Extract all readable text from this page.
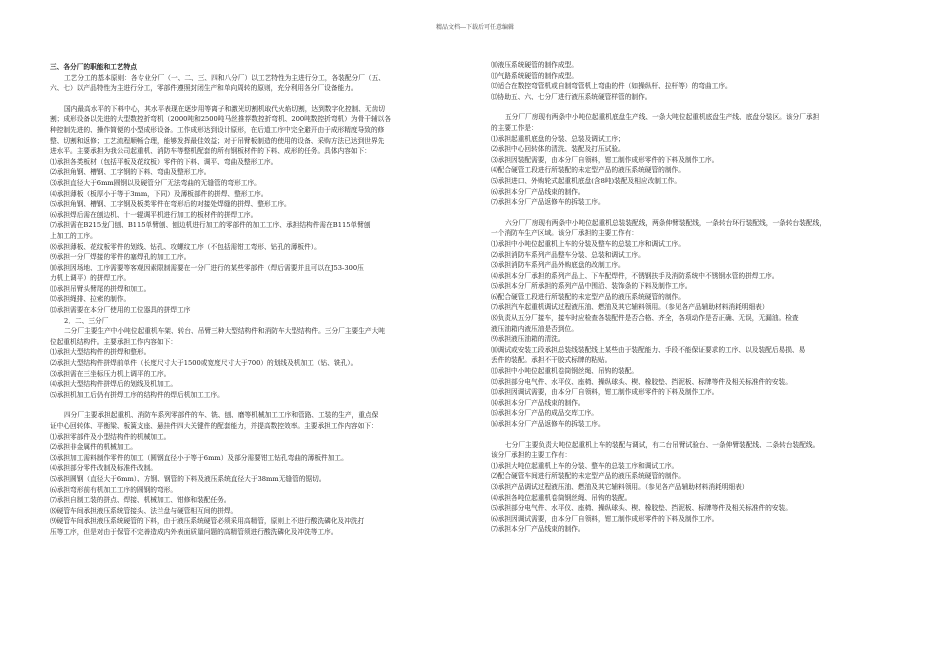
精品文档---下载后可任意编辑

三、各分厂的职能和工艺特点

工艺分工的基本原则：各专业分厂（一、二、三、四和八分厂）以工艺特性为主进行分工，各装配分厂（五、

六、七）以产品特性为主进行分工，零部件遵照封闭生产和单向周转的原则，充分利用各分厂设备能力。

国内最高水平的下料中心，其水平表现在逐步用等离子和激光切割机取代火焰切割，达到数字化控制、无齿切

割；成形设备以先进的大型数控折弯机（2000吨和2500吨马丝推荐数控折弯机、200吨数控折弯机）为骨干辅以各

种控制先进的、操作简便的小型成形设备。工作成形达到设计原形，在后道工序中完全避开由于成形精度导致的修

整、切割和返修；工艺流程顺畅合理，能够发挥最佳效益；对于吊臂板制造的使用的设备、采购方法已达到世界先

进水平。主要承担为我公司起重机、消防车等整机配套的所有钢板材件的下料、成形的任务。具体内容如下：

⑴承担各类板材（包括平板及花纹板）零件的下料、调平、弯曲及整形工序。

⑵承担角钢、槽钢、工字钢的下料、弯曲及整形工序。

⑶承担直径大于6mm圆钢以及硬管分厂无法弯曲的无缝管的弯形工序。

⑷承担薄板（板厚小于等于3mm，下同）及薄板部件的拼焊、整形工序。

⑸承担角钢、槽钢、工字钢及板类零件在弯形后的对接处焊缝的拼焊、整形工序。

⑹承担焊后需在刨边机、十一辊调平机进行加工的板材件的拼焊工序。

⑺承担需在B215龙门刨、B115单臂刨、刨边机进行加工的零部件的加工工序、承担结构件需在B115单臂刨

上加工的工序。

⑻承担薄板、花纹板零件的划线、钻孔、攻螺纹工序（不包括需钳工弯形、钻孔的薄板件）。

⑼承担一分厂焊接的零件的塞焊孔的加工工序。

⑽承担因场地、工序需要等客观因素限制需要在一分厂进行的某些零部件（焊后需要并且可以在J53-300压

力机上调平）的拼焊工序。

⑾承担吊臂头臂尾的拼焊和加工。

⑿承担绳排、拉索的制作。

⒀承担需要在本分厂使用的工位器具的拼焊工序

2．二、三分厂

二分厂主要生产中小吨位起重机车架、转台、吊臂三种大型结构件和消防车大型结构件。三分厂主要生产大吨

位起重机结构件。主要承担工作内容如下：

⑴承担大型结构件的拼焊和整形。

⑵承担大型结构件拼焊前单件（长度尺寸大于1500或宽度尺寸大于700）的划线及机加工（钻、铣孔）。

⑶承担需在三坐标压力机上调平的工序。

⑷承担大型结构件拼焊后的划线及机加工。

⑸承担机加工后仍有拼焊工序的结构件的焊后机加工工序。

四分厂主要承担起重机、消防车系列零部件的车、铣、刨、磨等机械加工工序和管路、工装的生产，重点保

证中心回转体、平衡梁、板簧支座、悬挂件四大关键件的配套能力，并提高数控效率。主要承担工作内容如下：

⑴承担零部件及小型结构件的机械加工。

⑵承担非金属件的机械加工。

⑶承担加工需料制作零件的加工（圆钢直径小于等于6mm）及部分需要钳工钻孔弯曲的薄板件加工。

⑷承担部分零件改制及标准件改制。

⑸承担圆钢（直径大于6mm）、方钢、钢管的下料及液压系统直径大于38mm无缝管的锯切。

⑹承担弯形前有机加工工序的圆钢的弯形。

⑺承担自制工装的拼点、焊接、机械加工、钳修和装配任务。

⑻硬管车间承担液压系统管接头、法兰盘与硬管相互间的拼焊。

⑼硬管车间承担液压系统硬管的下料，由于液压系统硬管必须采用高精管，原则上不进行酸洗磷化及冲洗打

压等工序，但是对由于保管不完善造成内外表面质量问题的高精管须进行酸洗磷化及冲洗等工序。

⑽液压系统硬管的制作成型。

⑾气路系统硬管的制作成型。

⑿适合在数控弯管机或自制弯管机上弯曲的件（如操纵杆、拉杆等）的弯曲工序。

⒀协助五、六、七分厂进行液压系统硬管样管的制作。

五分厂厂房现有两条中小吨位起重机底盘生产线、一条大吨位起重机底盘生产线、底盘分装区。该分厂承担

的主要工作是：

⑴承担起重机底盘的分装、总装及调试工序；

⑵承担中心回转体的清洗、装配及打压试验。

⑶承担因装配需要，由本分厂自领料，钳工制作成形零件的下料及制作工序。

⑷配合硬管工段进行所装配的未定型产品的液压系统硬管的制作。

⑸承担进口、外购轮式起重机底盘(含8吨)装配及相应改制工作。

⑹承担本分厂产品线束的制作。

⑺承担本分厂产品返修车的拆装工序。

六分厂厂房现有两条中小吨位起重机总装装配线，两条伸臂装配线，一条转台环行装配线，一条转台装配线，

一个消防车生产区域。该分厂承担的主要工作有：

⑴承担中小吨位起重机上车的分装及整车的总装工序和调试工序。

⑵承担消防车系列产品整车分装、总装和调试工序。

⑶承担消防车系列产品外购底盘的改制工序。

⑷承担本分厂承担的系列产品上、下车配焊件，不锈钢扶手及消防系统中不锈钢水管的拼焊工序。

⑸承担本分厂所承担的系列产品中围沿、装饰条的下料及制作工序。

⑹配合硬管工段进行所装配的未定型产品的液压系统硬管的制作。

⑺承担汽车起重机调试过程液压油、燃油及其它辅料领用。（参见各产品辅助材料消耗明细表）

⑻负责从五分厂接车，接车时应检查各装配件是否合格、齐全，各项动作是否正确、无误，无漏油。检查

液压油箱内液压油是否到位。

⑼承担液压油箱的清洗。

⑽调试或安装工段承担总装线装配线上某些由于装配能力、手段不能保证要求的工序、以及装配后易损、易

丢件的装配。承担不干胶式标牌的粘贴。

⑾承担中小吨位起重机卷筒钢丝绳、吊钩的装配。

⑿承担部分电气件、水平仪、座椅、操纵球头、楔、橡胶垫、挡泥板、标牌等件及相关标准件的安装。

⒀承担因调试需要，由本分厂自领料，钳工制作成形零件的下料及制作工序。

⒁承担本分厂产品线束的制作。

⒂承担本分厂产品的成品交库工序。

⒃承担本分厂产品返修车的拆装工序。

七分厂主要负责大吨位起重机上车的装配与调试，有二台吊臂试验台、一条伸臂装配线、二条转台装配线。

该分厂承担的主要工作有：

⑴承担大吨位起重机上车的分装、整车的总装工序和调试工序。

⑵配合硬管车间进行所装配的未定型产品的液压系统硬管的制作。

⑶承担产品调试过程液压油、燃油及其它辅料领用。（参见各产品辅助材料消耗明细表）

⑷承担各吨位起重机卷筒钢丝绳、吊钩的装配。

⑸承担部分电气件、水平仪、座椅、操纵球头、楔、橡胶垫、挡泥板、标牌等件及相关标准件的安装。

⑹承担因调试需要，由本分厂自领料，钳工制作成形零件的下料及制作工序。

⑺承担本分厂产品线束的制作。
